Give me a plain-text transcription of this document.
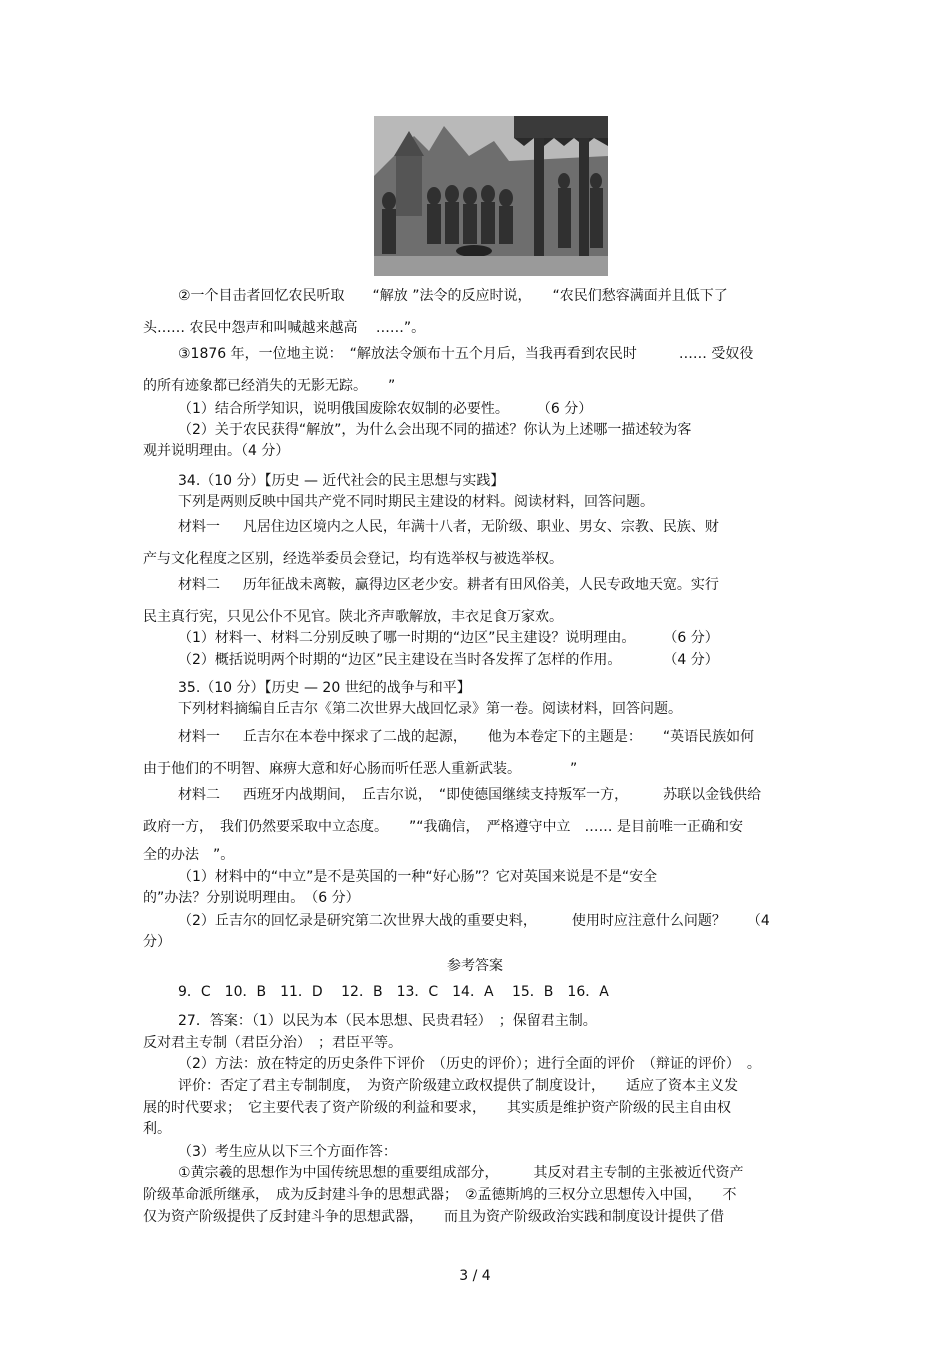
②一个目击者回忆农民听取　　“解放 ”法令的反应时说，　　“农民们愁容满面并且低下了
头…… 农民中怨声和叫喊越来越高　 ……”。
③1876 年，一位地主说：　“解放法令颁布十五个月后，当我再看到农民时　　　…… 受奴役
的所有迹象都已经消失的无影无踪。　　”
（1）结合所学知识，说明俄国废除农奴制的必要性。　　　（6 分）
（2）关于农民获得“解放”，为什么会出现不同的描述？你认为上述哪一描述较为客
观并说明理由。（4 分）
34.（10 分）【历史 — 近代社会的民主思想与实践】
下列是两则反映中国共产党不同时期民主建设的材料。阅读材料，回答问题。
材料一　  凡居住边区境内之人民，年满十八者，无阶级、职业、男女、宗教、民族、财
产与文化程度之区别，经选举委员会登记，均有选举权与被选举权。
材料二　  历年征战未离鞍，赢得边区老少安。耕者有田风俗美，人民专政地天宽。实行
民主真行宪，只见公仆不见官。陕北齐声歌解放，丰衣足食万家欢。
（1）材料一、材料二分别反映了哪一时期的“边区”民主建设？说明理由。　　　（6 分）
（2）概括说明两个时期的“边区”民主建设在当时各发挥了怎样的作用。　　　　（4 分）
35.（10 分）【历史 — 20 世纪的战争与和平】
下列材料摘编自丘吉尔《第二次世界大战回忆录》第一卷。阅读材料，回答问题。
材料一　  丘吉尔在本卷中探求了二战的起源，　　他为本卷定下的主题是：　　“英语民族如何
由于他们的不明智、麻痹大意和好心肠而听任恶人重新武装。　　　　”
材料二　  西班牙内战期间，　丘吉尔说，　“即使德国继续支持叛军一方，　　　苏联以金钱供给
政府一方，　我们仍然要采取中立态度。　　”“我确信，　严格遵守中立　…… 是目前唯一正确和安
全的办法　”。
（1）材料中的“中立”是不是英国的一种“好心肠”？它对英国来说是不是“安全
的”办法？分别说明理由。　（6 分）
（2）丘吉尔的回忆录是研究第二次世界大战的重要史料，　　　使用时应注意什么问题？　　（4
分）
9．C　10．B　11．D　 12．B　13．C　14．A　 15．B　16．A
27．答案：（1）以民为本（民本思想、民贵君轻）　；保留君主制。
反对君主专制（君臣分治）　；君臣平等。
（2）方法：放在特定的历史条件下评价　（历史的评价）；进行全面的评价　（辩证的评价）　。
评价：否定了君主专制制度，　为资产阶级建立政权提供了制度设计，　　适应了资本主义发
展的时代要求；　它主要代表了资产阶级的利益和要求，　　其实质是维护资产阶级的民主自由权
利。
（3）考生应从以下三个方面作答：
①黄宗羲的思想作为中国传统思想的重要组成部分，　　　其反对君主专制的主张被近代资产
阶级革命派所继承，　成为反封建斗争的思想武器；　②孟德斯鸠的三权分立思想传入中国，　　不
仅为资产阶级提供了反封建斗争的思想武器，　　而且为资产阶级政治实践和制度设计提供了借
参考答案
3 / 4
